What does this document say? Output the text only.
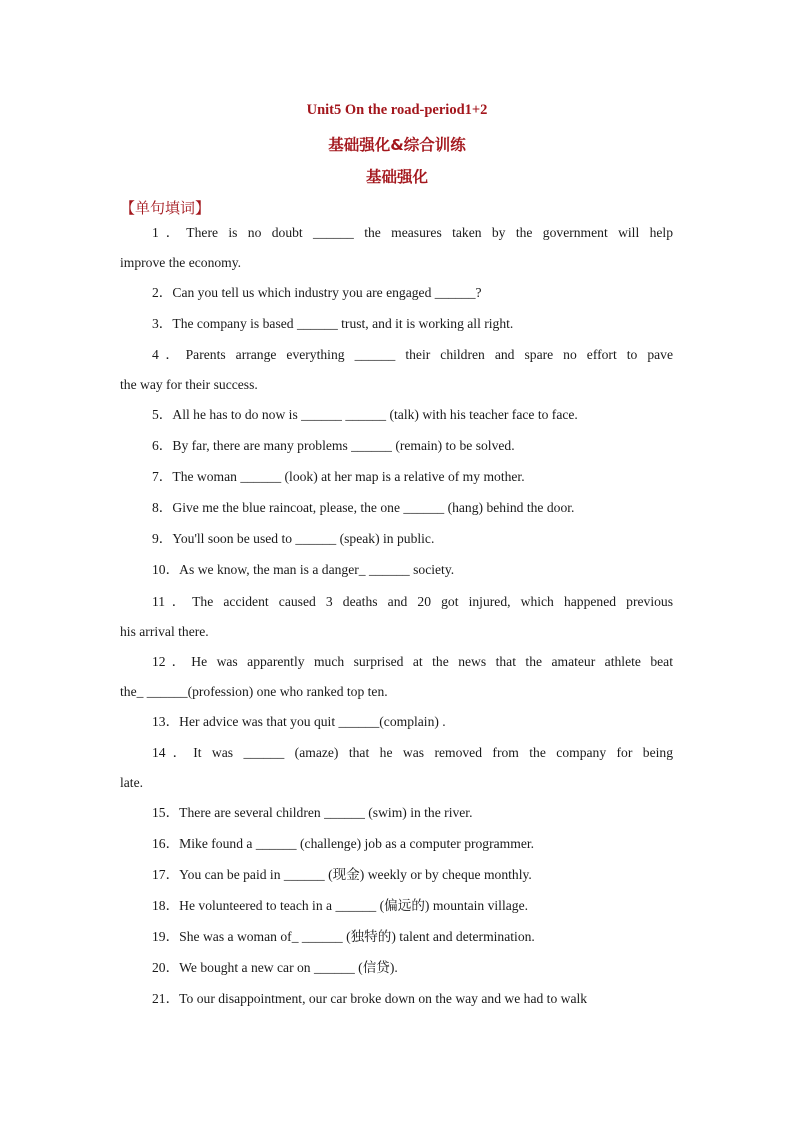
Unit5 On the road-period1+2
基础强化&综合训练
基础强化
【单句填词】
1．There is no doubt ______ the measures taken by the government will help
improve the economy.
2．Can you tell us which industry you are engaged ______?
3．The company is based ______ trust, and it is working all right.
4．Parents arrange everything ______ their children and spare no effort to pave
the way for their success.
5．All he has to do now is ______ ______ (talk) with his teacher face to face.
6．By far, there are many problems ______ (remain) to be solved.
7．The woman ______ (look) at her map is a relative of my mother.
8．Give me the blue raincoat, please, the one ______ (hang) behind the door.
9．You'll soon be used to ______ (speak) in public.
10．As we know, the man is a danger_ ______ society.
11．The accident caused 3 deaths and 20 got injured, which happened previous
his arrival there.
12．He was apparently much surprised at the news that the amateur athlete beat
the_ ______(profession) one who ranked top ten.
13．Her advice was that you quit ______(complain) .
14．It was ______ (amaze) that he was removed from the company for being
late.
15．There are several children ______ (swim) in the river.
16．Mike found a ______ (challenge) job as a computer programmer.
17．You can be paid in ______ (现金) weekly or by cheque monthly.
18．He volunteered to teach in a ______ (偏远的) mountain village.
19．She was a woman of_ ______ (独特的) talent and determination.
20．We bought a new car on ______ (信贷).
21．To our disappointment, our car broke down on the way and we had to walk
